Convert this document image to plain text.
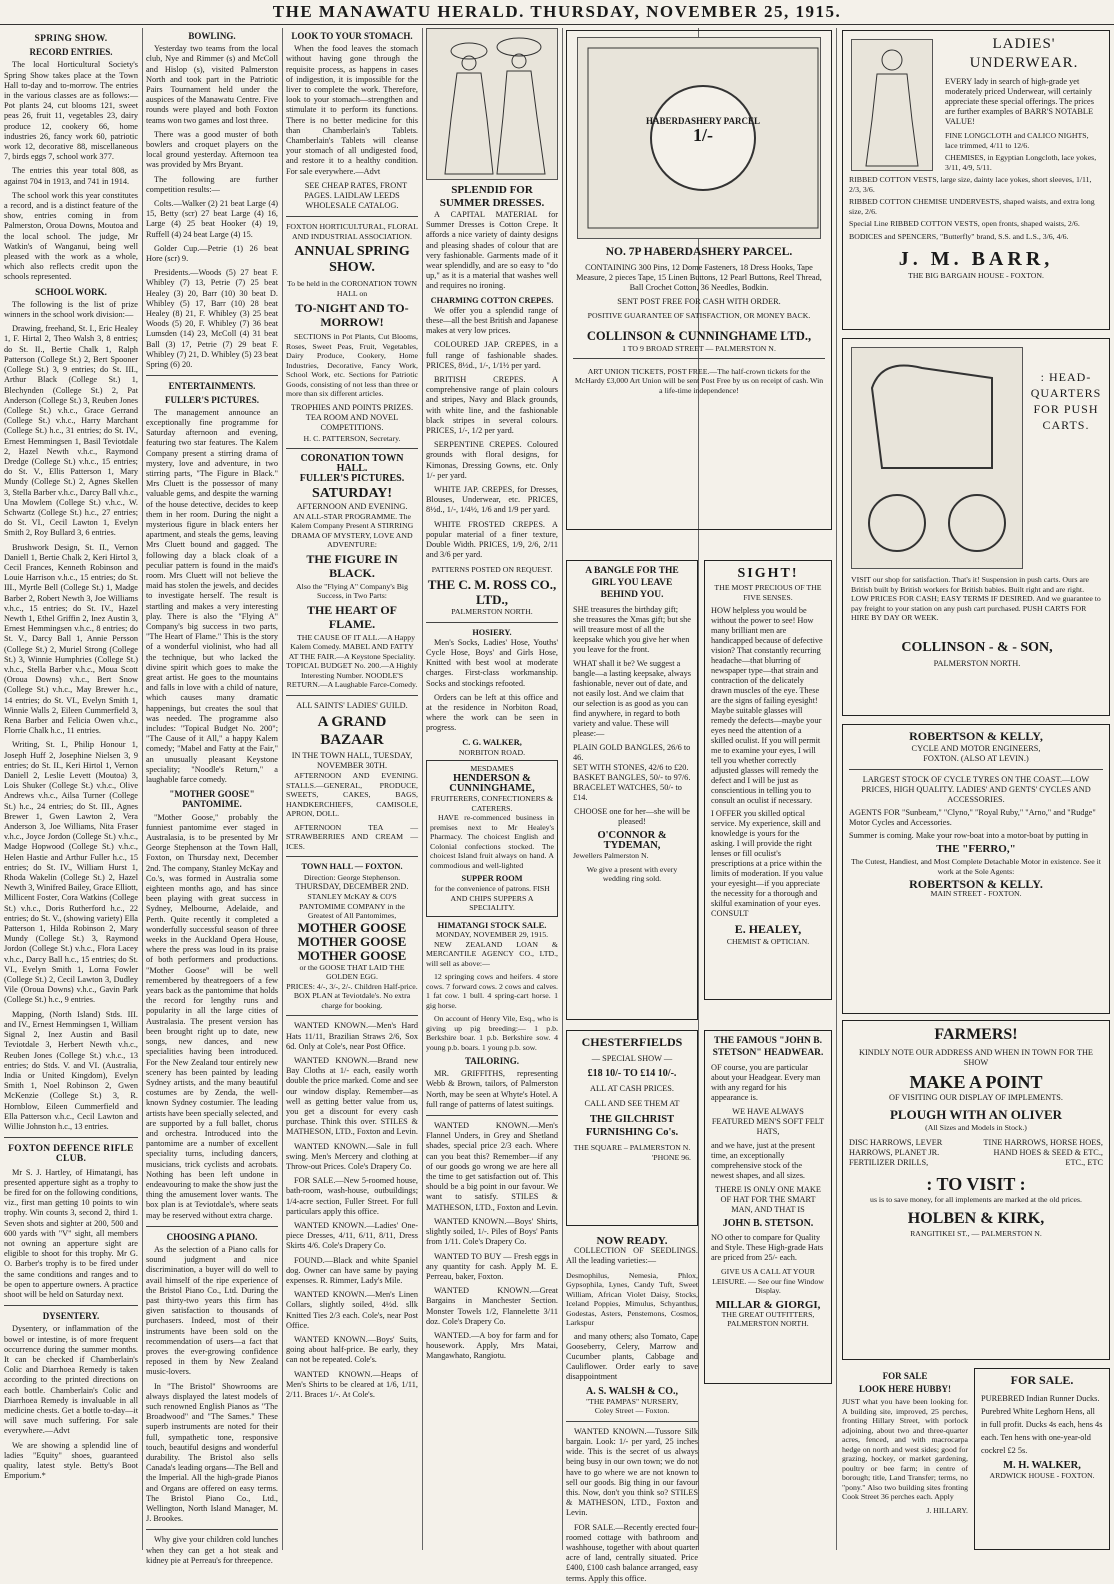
THE MANAWATU HERALD. THURSDAY, NOVEMBER 25, 1915.
SPRING SHOW.
RECORD ENTRIES.

The local Horticultural Society's Spring Show takes place at the Town Hall to-day and to-morrow. The entries in the various classes are as follows:—Pot plants 24, cut blooms 121, sweet peas 26, fruit 11, vegetables 23, dairy produce 12, cookery 66, home industries 26, fancy work 60, patriotic work 12, decorative 88, miscellaneous 7, birds eggs 7, school work 377.

The entries this year total 808, as against 704 in 1913, and 741 in 1914.

The school work this year constitutes a record, and is a distinct feature of the show, entries coming in from Palmerston, Oroua Downs, Moutoa and the local school. The judge, Mr Watkin's of Wanganui, being well pleased with the work as a whole, which also reflects credit upon the schools represented.

SCHOOL WORK.

The following is the list of prize winners in the school work division:—

Drawing, freehand, St. I., Eric Healey 1, F. Hirtal 2, Theo Walsh 3, 8 entries; do St. II., Bertie Chalk 1, Ralph Patterson (College St.) 2, Bert Spooner (College St.) 3, 9 entries; do St. III., Arthur Black (College St.) 1, Blechynden (College St.) 2, Pat Anderson (College St.) 3, Reuben Jones (College St.) v.h.c., Grace Gerrand (College St.) v.h.c., Harry Marchant (College St.) h.c., 31 entries; do St. IV., Ernest Hemmingsen 1, Basil Teviotdale 2, Hazel Newth v.h.c., Raymond Dredge (College St.) v.h.c., 15 entries; do St. V., Ellis Patterson 1, Mary Mundy (College St.) 2, Agnes Skellen 3, Stella Barber v.h.c., Darcy Ball v.h.c., Una Mowlem (College St.) v.h.c., W. Schwartz (College St.) h.c., 27 entries; do St. VI., Cecil Lawton 1, Evelyn Smith 2, Roy Bullard 3, 6 entries.

Brushwork Design, St. II., Vernon Daniell 1, Bertie Chalk 2, Keri Hirtol 3, Cecil Frances, Kenneth Robinson and Louie Harrison v.h.c., 15 entries; do St. III., Myrtle Bell (College St.) 1, Madge Barber 2, Robert Newth 3, Joe Williams v.h.c., 15 entries; do St. IV., Hazel Newth 1, Ethel Griffin 2, Inez Austin 3, Ernest Hemmingsen v.h.c., 8 entries; do St. V., Darcy Ball 1, Annie Persson (College St.) 2, Muriel Strong (College St.) 3, Winnie Humphries (College St.) v.h.c., Stella Barber v.h.c., Moua Scott (Oroua Downs) v.h.c., Bert Snow (College St.) v.h.c., May Brewer h.c., 14 entries; do St. VI., Evelyn Smith 1, Winnie Walls 2, Eileen Cummerfield 3, Rena Barber and Felicia Owen v.h.c., Florrie Chalk h.c., 11 entries.

Writing, St. I., Philip Honour 1, Joseph Huff 2, Josephine Nielsen 3, 9 entries; do St. II., Keri Hirtol 1, Vernon Daniell 2, Leslie Levett (Moutoa) 3, Lois Shuker (College St.) v.h.c., Olive Andrews v.h.c., Ailsa Turner (College St.) h.c., 24 entries; do St. III., Agnes Brewer 1, Gwen Lawton 2, Vera Anderson 3, Joe Williams, Nita Fraser v.h.c., Joyce Jordon (College St.) v.h.c., Madge Hopwood (College St.) v.h.c., Helen Hastie and Arthur Fuller h.c., 15 entries; do St. IV., William Hurst 1, Rhoda Wakelin (College St.) 2, Hazel Newth 3, Winifred Bailey, Grace Elliott, Millicent Foster, Cora Watkins (College St.) v.h.c., Doris Rutherford h.c., 22 entries; do St. V., (showing variety) Ella Patterson 1, Hilda Robinson 2, Mary Mundy (College St.) 3, Raymond Jordon (College St.) v.h.c., Flora Lacey v.h.c., Darcy Ball h.c., 15 entries; do St. VI., Evelyn Smith 1, Lorna Fowler (College St.) 2, Cecil Lawton 3, Dudley Vile (Oroua Downs) v.h.c., Gavin Park (College St.) h.c., 9 entries.

Mapping, (North Island) Stds. III. and IV., Ernest Hemmingsen 1, William Signal 2, Inez Austin and Basil Teviotdale 3, Herbert Newth v.h.c., Reuben Jones (College St.) v.h.c., 13 entries; do Stds. V. and VI. (Australia, India or United Kingdom), Evelyn Smith 1, Noel Robinson 2, Gwen McKenzie (College St.) 3, R. Hornblow, Eileen Cummerfield and Ella Patterson v.h.c., Cecil Lawton and Willie Johnston h.c., 13 entries.

FOXTON DEFENCE RIFLE CLUB.

Mr S. J. Hartley, of Himatangi, has presented apperture sight as a trophy to be fired for on the following conditions, viz., first man getting 10 points to win trophy. Win counts 3, second 2, third 1. Seven shots and sighter at 200, 500 and 600 yards with "V" sight, all members not owning an apperture sight are eligible to shoot for this trophy. Mr G. O. Barber's trophy is to be fired under the same conditions and ranges and to be open to apperture owners. A practice shoot will be held on Saturday next.

DYSENTERY.

Dysentery, or inflammation of the bowel or intestine, is of more frequent occurrence during the summer months. It can be checked if Chamberlain's Colic and Diarrhoea Remedy is taken according to the printed directions on each bottle. Chamberlain's Colic and Diarrhoea Remedy is invaluable in all medicine chests. Get a bottle to-day—it will save much suffering. For sale everywhere.—Advt

We are showing a splendid line of ladies "Equity" shoes, guaranteed quality, latest style. Betty's Boot Emporium.*

BOWLING.

Yesterday two teams from the local club, Nye and Rimmer (s) and McColl and Hislop (s), visited Palmerston North and took part in the Patriotic Pairs Tournament held under the auspices of the Manawatu Centre. Five rounds were played and both Foxton teams won two games and lost three.

There was a good muster of both bowlers and croquet players on the local ground yesterday. Afternoon tea was provided by Mrs Bryant.

The following are further competition results:—

Colts.—Walker (2) 21 beat Large (4) 15, Betty (scr) 27 beat Large (4) 16, Large (4) 25 beat Hooker (4) 19, Ruffell (4) 24 beat Large (4) 15.

Golder Cup.—Petrie (1) 26 beat Hore (scr) 9.

Presidents.—Woods (5) 27 beat F. Whibley (7) 13, Petrie (7) 25 beat Healey (3) 20, Barr (10) 30 beat D. Whibley (5) 17, Barr (10) 28 beat Healey (8) 21, F. Whibley (3) 25 beat Woods (5) 20, F. Whibley (7) 36 beat Lumsden (14) 23, McColl (4) 31 beat Ball (3) 17, Petrie (7) 29 beat F. Whibley (7) 21, D. Whibley (5) 23 beat Spring (6) 20.

ENTERTAINMENTS.
FULLER'S PICTURES.

The management announce an exceptionally fine programme for Saturday afternoon and evening, featuring two star features. The Kalem Company present a stirring drama of mystery, love and adventure, in two stirring parts, "The Figure in Black." Mrs Cluett is the possessor of many valuable gems, and despite the warning of the house detective, decides to keep them in her room. During the night a mysterious figure in black enters her apartment, and steals the gems, leaving Mrs Cluett bound and gagged. The following day a black cloak of a peculiar pattern is found in the maid's room. Mrs Cluett will not believe the maid has stolen the jewels, and decides to investigate herself. The result is startling and makes a very interesting play. There is also the "Flying A" Company's big success in two parts, "The Heart of Flame." This is the story of a wonderful violinist, who had all the technique, but who lacked the divine spirit which goes to make the great artist. He goes to the mountains and falls in love with a child of nature, which causes many dramatic happenings, but creates the soul that was needed. The programme also includes: "Topical Budget No. 200"; "The Cause of it All," a happy Kalem comedy; "Mabel and Fatty at the Fair," an unusually pleasant Keystone speciality; "Noodle's Return," a laughable farce comedy.

"MOTHER GOOSE" PANTOMIME.

"Mother Goose," probably the funniest pantomime ever staged in Australasia, is to be presented by Mr George Stephenson at the Town Hall, Foxton, on Thursday next, December 2nd. The company, Stanley McKay and Co.'s, was formed in Australia some eighteen months ago, and has since been playing with great success in Sydney, Melbourne, Adelaide, and Perth. Quite recently it completed a wonderfully successful season of three weeks in the Auckland Opera House, where the press was loud in its praise of both performers and productions. "Mother Goose" will be well remembered by theatregoers of a few years back as the pantomime that holds the record for lengthy runs and popularity in all the large cities of Australasia. The present version has been brought right up to date, new songs, new dances, and new specialities having been introduced. For the New Zealand tour entirely new scenery has been painted by leading Sydney artists, and the many beautiful costumes are by Zenda, the well-known Sydney costumier. The leading artists have been specially selected, and are supported by a full ballet, chorus and orchestra. Introduced into the pantomime are a number of excellent speciality turns, including dancers, musicians, trick cyclists and acrobats. Nothing has been left undone in endeavouring to make the show just the thing the amusement lover wants. The box plan is at Teviotdale's, where seats may be reserved without extra charge.

CHOOSING A PIANO.

As the selection of a Piano calls for sound judgment and nice discrimination, a buyer will do well to avail himself of the ripe experience of the Bristol Piano Co., Ltd. During the past thirty-two years this firm has given satisfaction to thousands of purchasers. Indeed, most of their instruments have been sold on the recommendation of users—a fact that proves the ever-growing confidence reposed in them by New Zealand music-lovers.

In "The Bristol" Showrooms are always displayed the latest models of such renowned English Pianos as "The Broadwood" and "The Sames." These superb instruments are noted for their full, sympathetic tone, responsive touch, beautiful designs and wonderful durability. The Bristol also sells Canada's leading organs—The Bell and the Imperial. All the high-grade Pianos and Organs are offered on easy terms. The Bristol Piano Co., Ltd., Wellington, North Island Manager, M. J. Brookes.

Why give your children cold lunches when they can get a hot steak and kidney pie at Perreau's for threepence.

LOOK TO YOUR STOMACH.

When the food leaves the stomach without having gone through the requisite process, as happens in cases of indigestion, it is impossible for the liver to complete the work. Therefore, look to your stomach—strengthen and stimulate it to perform its functions. There is no better medicine for this than Chamberlain's Tablets. Chamberlain's Tablets will cleanse your stomach of all undigested food, and restore it to a healthy condition. For sale everywhere.—Advt

SEE CHEAP RATES, FRONT PAGES. LAIDLAW LEEDS WHOLESALE CATALOG.

FOXTON HORTICULTURAL, FLORAL AND INDUSTRIAL ASSOCIATION.
ANNUAL SPRING SHOW.
To be held in the CORONATION TOWN HALL on
TO-NIGHT AND TO-MORROW!

SECTIONS in Pot Plants, Cut Blooms, Roses, Sweet Peas, Fruit, Vegetables, Dairy Produce, Cookery, Home Industries, Decorative, Fancy Work, School Work, etc. Sections for Patriotic Goods, consisting of not less than three or more than six different articles.

TROPHIES AND POINTS PRIZES.
TEA ROOM AND NOVEL COMPETITIONS.
H. C. PATTERSON, Secretary.
CORONATION TOWN HALL.
FULLER'S PICTURES.
SATURDAY!
AFTERNOON AND EVENING.
AN ALL-STAR PROGRAMME. The Kalem Company Present A STIRRING DRAMA OF MYSTERY, LOVE AND ADVENTURE:
THE FIGURE IN BLACK.
Also the "Flying A" Company's Big Success, in Two Parts:
THE HEART OF FLAME.

THE CAUSE OF IT ALL.—A Happy Kalem Comedy. MABEL AND FATTY AT THE FAIR.—A Keystone Speciality. TOPICAL BUDGET No. 200.—A Highly Interesting Number. NOODLE'S RETURN.—A Laughable Farce-Comedy.

ALL SAINTS' LADIES' GUILD.
A GRAND BAZAAR
IN THE TOWN HALL, TUESDAY, NOVEMBER 30TH.

AFTERNOON AND EVENING. STALLS.—GENERAL, PRODUCE, SWEETS, CAKES, BAGS, HANDKERCHIEFS, CAMISOLE, APRON, DOLL.

AFTERNOON TEA — STRAWBERRIES AND CREAM — ICES.

TOWN HALL — FOXTON.
Direction: George Stephenson.
THURSDAY, DECEMBER 2ND.
STANLEY McKAY & CO'S PANTOMIME COMPANY in the Greatest of All Pantomimes,
MOTHER GOOSE
MOTHER GOOSE
MOTHER GOOSE
or the GOOSE THAT LAID THE GOLDEN EGG.
PRICES: 4/-, 3/-, 2/-. Children Half-price.
BOX PLAN at Teviotdale's. No extra charge for booking.

WANTED KNOWN.—Men's Hard Hats 11/11, Brazilian Straws 2/6, Sox 6d. Only at Cole's, near Post Office.

WANTED KNOWN.—Brand new Bay Cloths at 1/- each, easily worth double the price marked. Come and see our window display. Remember—as well as getting better value from us, you get a discount for every cash purchase. Think this over. STILES & MATHESON, LTD., Foxton and Levin.

WANTED KNOWN.—Sale in full swing. Men's Mercery and clothing at Throw-out Prices. Cole's Drapery Co.

FOR SALE.—New 5-roomed house, bath-room, wash-house, outbuildings; 1/4-acre section, Fuller Street. For full particulars apply this office.

WANTED KNOWN.—Ladies' One-piece Dresses, 4/11, 6/11, 8/11, Dress Skirts 4/6. Cole's Drapery Co.

FOUND.—Black and white Spaniel dog. Owner can have same by paying expenses. R. Rimmer, Lady's Mile.

WANTED KNOWN.—Men's Linen Collars, slightly soiled, 4½d. sllk Knitted Ties 2/3 each. Cole's, near Post Office.

WANTED KNOWN.—Boys' Suits, going about half-price. Be early, they can not be repeated. Cole's.

WANTED KNOWN.—Heaps of Men's Shirts to be cleared at 1/6, 1/11, 2/11. Braces 1/-. At Cole's.

SPLENDID FOR SUMMER DRESSES.

A CAPITAL MATERIAL for Summer Dresses is Cotton Crepe. It affords a nice variety of dainty designs and pleasing shades of colour that are very fashionable. Garments made of it wear splendidly, and are so easy to "do up," as it is a material that washes well and requires no ironing.

CHARMING COTTON CREPES.

We offer you a splendid range of these—all the best British and Japanese makes at very low prices.

COLOURED JAP. CREPES, in a full range of fashionable shades. PRICES, 8½d., 1/-, 1/1½ per yard.

BRITISH CREPES. A comprehensive range of plain colours and stripes, Navy and Black grounds, with white line, and the fashionable black stripes in several colours. PRICES, 1/-, 1/2 per yard.

SERPENTINE CREPES. Coloured grounds with floral designs, for Kimonas, Dressing Gowns, etc. Only 1/- per yard.

WHITE JAP. CREPES, for Dresses, Blouses, Underwear, etc. PRICES, 8½d., 1/-, 1/4½, 1/6 and 1/9 per yard.

WHITE FROSTED CREPES. A popular material of a finer texture, Double Width. PRICES, 1/9, 2/6, 2/11 and 3/6 per yard.

PATTERNS POSTED ON REQUEST.
THE C. M. ROSS CO., LTD.,
PALMERSTON NORTH.
HOSIERY.

Men's Socks, Ladies' Hose, Youths' Cycle Hose, Boys' and Girls Hose, Knitted with best wool at moderate charges. First-class workmanship. Socks and stockings refooted.

Orders can be left at this office and at the residence in Norbiton Road, where the work can be seen in progress.

C. G. WALKER,
NORBITON ROAD.
MESDAMES
HENDERSON & CUNNINGHAME,
FRUITERERS, CONFECTIONERS & CATERERS.

HAVE re-commenced business in premises next to Mr Healey's Pharmacy. The choicest English and Colonial confections stocked. The choicest Island fruit always on hand. A commodious and well-lighted

SUPPER ROOM
for the convenience of patrons. FISH AND CHIPS SUPPERS A SPECIALITY.
HIMATANGI STOCK SALE.
MONDAY, NOVEMBER 29, 1915.

NEW ZEALAND LOAN & MERCANTILE AGENCY CO., LTD., will sell as above:—

12 springing cows and heifers. 4 store cows. 7 forward cows. 2 cows and calves. 1 fat cow. 1 bull. 4 spring-cart horse. 1 gig horse.

On account of Henry Vile, Esq., who is giving up pig breeding:— 1 p.b. Berkshire boar. 1 p.b. Berkshire sow. 4 young p.b. boars. 1 young p.b. sow.

TAILORING.

MR. GRIFFITHS, representing Webb & Brown, tailors, of Palmerston North, may be seen at Whyte's Hotel. A full range of patterns of latest suitings.

WANTED KNOWN.—Men's Flannel Unders, in Grey and Shetland shades, special price 2/3 each. Where can you beat this? Remember—if any of our goods go wrong we are here all the time to get satisfaction out of. This should be a big point in our favour. We want to satisfy. STILES & MATHESON, LTD., Foxton and Levin.

WANTED KNOWN.—Boys' Shirts, slightly soiled, 1/-. Piles of Boys' Pants from 1/11. Cole's Drapery Co.

WANTED TO BUY — Fresh eggs in any quantity for cash. Apply M. E. Perreau, baker, Foxton.

WANTED KNOWN.—Great Bargains in Manchester Section. Monster Towels 1/2, Flannelette 3/11 doz. Cole's Drapery Co.

WANTED.—A boy for farm and for housework. Apply, Mrs Matai, Mangawhato, Rangiotu.

HABERDASHERY PARCEL
1/-
NO. 7P HABERDASHERY PARCEL.

CONTAINING 300 Pins, 12 Dome Fasteners, 18 Dress Hooks, Tape Measure, 2 pieces Tape, 15 Linen Buttons, 12 Pearl Buttons, Reel Thread, Ball Crochet Cotton, 36 Needles, Bodkin.

SENT POST FREE FOR CASH WITH ORDER.
POSITIVE GUARANTEE OF SATISFACTION, OR MONEY BACK.
COLLINSON & CUNNINGHAME LTD.,
1 TO 9 BROAD STREET — PALMERSTON N.

ART UNION TICKETS, POST FREE.—The half-crown tickets for the McHardy £3,000 Art Union will be sent Post Free by us on receipt of cash. Win a life-time independence!

A BANGLE FOR THE GIRL YOU LEAVE BEHIND YOU.

SHE treasures the birthday gift; she treasures the Xmas gift; but she will treasure most of all the keepsake which you give her when you leave for the front.

WHAT shall it be? We suggest a bangle—a lasting keepsake, always fashionable, never out of date, and not easily lost. And we claim that our selection is as good as you can find anywhere, in regard to both variety and value. These will please:—

PLAIN GOLD BANGLES, 26/6 to 46.
SET WITH STONES, 42/6 to £20.
BASKET BANGLES, 50/- to 97/6.
BRACELET WATCHES, 50/- to £14.

CHOOSE one for her—she will be pleased!

O'CONNOR & TYDEMAN,
Jewellers Palmerston N.

We give a present with every wedding ring sold.

CHESTERFIELDS
— SPECIAL SHOW —
£18 10/- TO £14 10/-.
ALL AT CASH PRICES.
CALL AND SEE THEM AT
THE GILCHRIST FURNISHING Co's.
THE SQUARE – PALMERSTON N.
'PHONE 96.
NOW READY.

COLLECTION OF SEEDLINGS. All the leading varieties:—

Desmophilus, Nemesia, Phlox, Gypsophila, Lynes, Candy Tuft, Sweet William, African Violet Daisy, Stocks, Iceland Poppies, Mimulus, Schyanthus, Godestas, Asters, Penstemons, Cosmos, Larkspur

and many others; also Tomato, Cape Gooseberry, Celery, Marrow and Cucumber plants, Cabbage and Cauliflower. Order early to save disappointment

A. S. WALSH & CO.,
"THE PAMPAS" NURSERY,
Coley Street — Foxton.

WANTED KNOWN.—Tussore Silk bargain. Look: 1/- per yard, 25 inches wide. This is the secret of us always being busy in our own town; we do not have to go where we are not known to sell our goods. Big thing in our favour this. Now, don't you think so? STILES & MATHESON, LTD., Foxton and Levin.

FOR SALE.—Recently erected four-roomed cottage with bathroom and washhouse, together with about quarter acre of land, centrally situated. Price £400, £100 cash balance arranged, easy terms. Apply this office.

SIGHT!
THE MOST PRECIOUS OF THE FIVE SENSES.

HOW helpless you would be without the power to see! How many brilliant men are handicapped because of defective vision? That constantly recurring headache—that blurring of newspaper type—that strain and contraction of the delicately drawn muscles of the eye. These are the signs of failing eyesight! Maybe suitable glasses will remedy the defects—maybe your eyes need the attention of a skilled oculist. If you will permit me to examine your eyes, I will tell you whether correctly adjusted glasses will remedy the defect and I will be just as conscientious in telling you to consult an oculist if necessary.

I OFFER you skilled optical service. My experience, skill and knowledge is yours for the asking. I will provide the right lenses or fill oculist's prescriptions at a price within the limits of moderation. If you value your eyesight—if you appreciate the necessity for a thorough and skilful examination of your eyes. CONSULT

E. HEALEY,
CHEMIST & OPTICIAN.
THE FAMOUS "JOHN B. STETSON" HEADWEAR.

OF course, you are particular about your Headgear. Every man with any regard for his appearance is.

WE HAVE ALWAYS FEATURED MEN'S SOFT FELT HATS,

and we have, just at the present time, an exceptionally comprehensive stock of the newest shapes, and all sizes.

THERE IS ONLY ONE MAKE OF HAT FOR THE SMART MAN, AND THAT IS
JOHN B. STETSON.

NO other to compare for Quality and Style. These High-grade Hats are priced from 25/- each.

GIVE US A CALL AT YOUR LEISURE. — See our fine Window Display.
MILLAR & GIORGI,
THE GREAT OUTFITTERS,
PALMERSTON NORTH.
LADIES' UNDERWEAR.

EVERY lady in search of high-grade yet moderately priced Underwear, will certainly appreciate these special offerings. The prices are further examples of BARR'S NOTABLE VALUE!

FINE LONGCLOTH and CALICO NIGHTS, lace trimmed, 4/11 to 12/6.
CHEMISES, in Egyptian Longcloth, lace yokes, 3/11, 4/9, 5/11.
RIBBED COTTON VESTS, large size, dainty lace yokes, short sleeves, 1/11, 2/3, 3/6.
RIBBED COTTON CHEMISE UNDERVESTS, shaped waists, and extra long size, 2/6.
Special Line RIBBED COTTON VESTS, open fronts, shaped waists, 2/6.
BODICES and SPENCERS, "Butterfly" brand, S.S. and L.S., 3/6, 4/6.
J. M. BARR,
THE BIG BARGAIN HOUSE - FOXTON.
: HEAD-QUARTERS FOR PUSH CARTS.

VISIT our shop for satisfaction. That's it! Suspension in push carts. Ours are British built by British workers for British babies. Built right and are right. LOW PRICES FOR CASH; EASY TERMS IF DESIRED. And we guarantee to pay freight to your station on any push cart purchased. PUSH CARTS FOR HIRE BY DAY OR WEEK.

COLLINSON - & - SON,
PALMERSTON NORTH.
ROBERTSON & KELLY,
CYCLE AND MOTOR ENGINEERS,
FOXTON. (ALSO AT LEVIN.)

LARGEST STOCK OF CYCLE TYRES ON THE COAST.—LOW PRICES, HIGH QUALITY. LADIES' AND GENTS' CYCLES AND ACCESSORIES.

AGENTS FOR "Sunbeam," "Clyno," "Royal Ruby," "Arno," and "Rudge" Motor Cycles and Accessories.

Summer is coming. Make your row-boat into a motor-boat by putting in

THE "FERRO,"

The Cutest, Handiest, and Most Complete Detachable Motor in existence. See it work at the Sole Agents:

ROBERTSON & KELLY.
MAIN STREET - FOXTON.
FARMERS!
KINDLY NOTE OUR ADDRESS AND WHEN IN TOWN FOR THE SHOW
MAKE A POINT
OF VISITING OUR DISPLAY OF IMPLEMENTS.
PLOUGH WITH AN OLIVER
(All Sizes and Models in Stock.)
DISC HARROWS, LEVER HARROWS, PLANET JR. FERTILIZER DRILLS,
TINE HARROWS, HORSE HOES, HAND HOES & SEED & ETC., ETC., ETC
: TO VISIT :
us is to save money, for all implements are marked at the old prices.
HOLBEN & KIRK,
RANGITIKEI ST., — PALMERSTON N.
FOR SALE
LOOK HERE HUBBY!

JUST what you have been looking for. A building site, improved, 25 perches, fronting Hillary Street, with porlock adjoining, about two and three-quarter acres, fenced, and with macrocarpa hedge on north and west sides; good for grazing, hockey, or market gardening, poultry or bee farm; in centre of borough; title, Land Transfer; terms, no "pony." Also two building sites fronting Cook Street 36 perches each. Apply

J. HILLARY.
FOR SALE.

PUREBRED Indian Runner Ducks. Purebred White Leghorn Hens, all in full profit. Ducks 4s each, hens 4s each. Ten hens with one-year-old cockrel £2 5s.

M. H. WALKER,
ARDWICK HOUSE - FOXTON.
